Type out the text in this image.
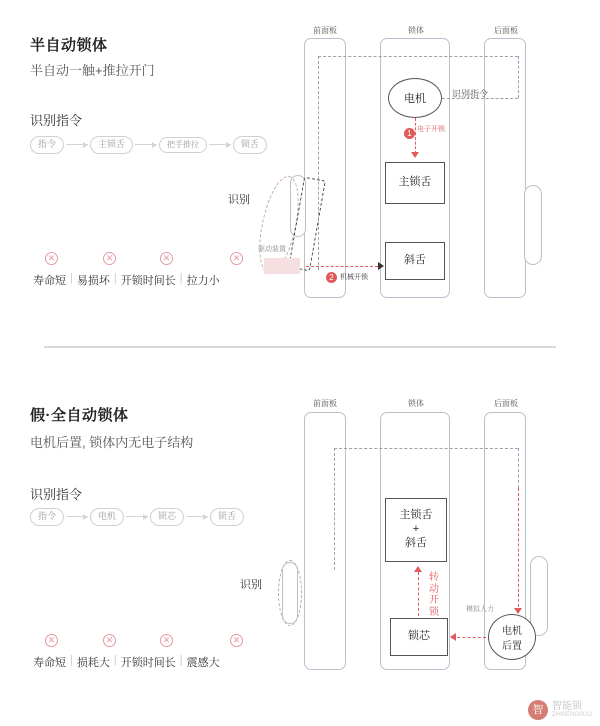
半自动锁体
半自动一触+推拉开门
识别指令
指令	主锁舌	把手推拉	锁舌
✕	✕	✕	✕
寿命短 | 易损坏 | 开锁时间长 | 拉力小
前面板	锁体	后面板
电机
主锁舌
斜舌
识别
驱动装置
识别指令
1 电子开锁
2 机械开锁
假·全自动锁体
电机后置, 锁体内无电子结构
识别指令
指令	电机	锁芯	锁舌
✕	✕	✕	✕
寿命短 | 损耗大 | 开锁时间长 | 震感大
前面板	锁体	后面板
主锁舌
+
斜舌
锁芯	电机
后置
识别
转动开锁	模拟人力
智 智能锁
ZHINENGSUO
